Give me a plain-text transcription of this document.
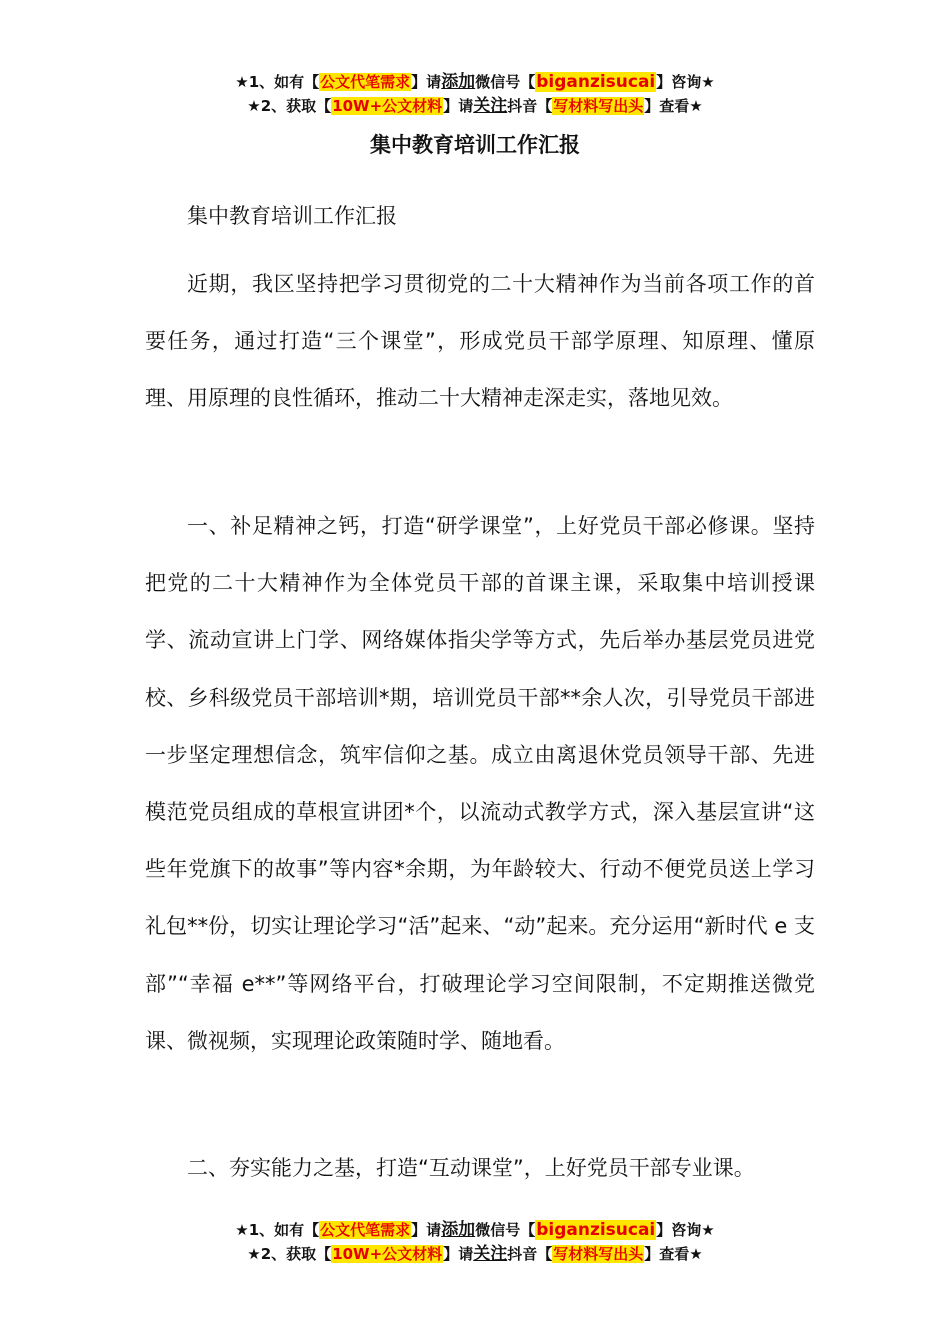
★1、如有【公文代笔需求】请添加微信号【biganzisucai】咨询★
★2、获取【10W+公文材料】请关注抖音【写材料写出头】查看★
集中教育培训工作汇报

集中教育培训工作汇报

近期，我区坚持把学习贯彻党的二十大精神作为当前各项工作的首要任务，通过打造“三个课堂”，形成党员干部学原理、知原理、懂原理、用原理的良性循环，推动二十大精神走深走实，落地见效。

一、补足精神之钙，打造“研学课堂”，上好党员干部必修课。坚持把党的二十大精神作为全体党员干部的首课主课，采取集中培训授课学、流动宣讲上门学、网络媒体指尖学等方式，先后举办基层党员进党校、乡科级党员干部培训*期，培训党员干部**余人次，引导党员干部进一步坚定理想信念，筑牢信仰之基。成立由离退休党员领导干部、先进模范党员组成的草根宣讲团*个，以流动式教学方式，深入基层宣讲“这些年党旗下的故事”等内容*余期，为年龄较大、行动不便党员送上学习礼包**份，切实让理论学习“活”起来、“动”起来。充分运用“新时代 e 支部”“幸福 e**”等网络平台，打破理论学习空间限制，不定期推送微党课、微视频，实现理论政策随时学、随地看。

二、夯实能力之基，打造“互动课堂”，上好党员干部专业课。

★1、如有【公文代笔需求】请添加微信号【biganzisucai】咨询★
★2、获取【10W+公文材料】请关注抖音【写材料写出头】查看★
